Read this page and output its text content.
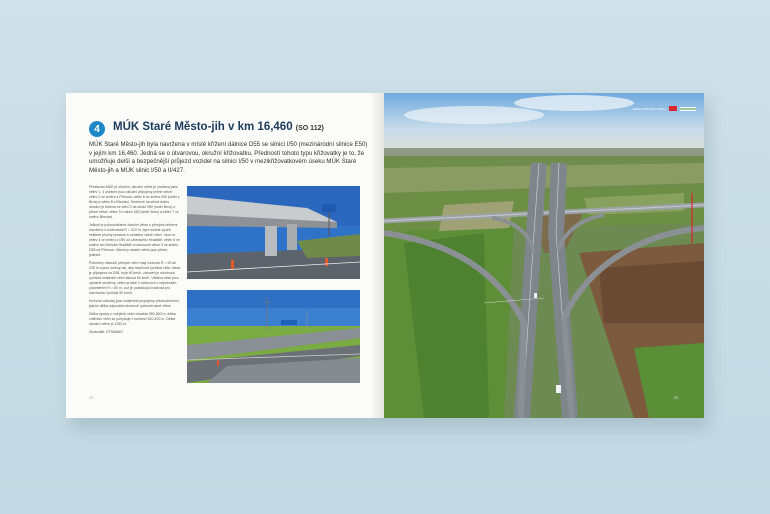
4	MÚK Staré Město-jih v km 16,460 (SO 112)
MÚK Staré Město-jih byla navržena v místě křížení dálnice D55 se silnicí I/50 (mezinárodní silnice E50) v jejím km 16,460. Jedná se o útvarovou, okružní křižovatku. Předností tohoto typu křižovatky je to, že umožňuje delší a bezpečnější průjezd vozidel na silnici I/50 v mezikřižovatkovém úseku MÚK Staré Město-jih a MÚK silnic I/50 a II/427.

Přestavba MÚK je okružní, okružní větve je značena jako větev 1, 4 úsekem jsou okružní připojeny přímé větve: větev 2 ve směru z Přerova, větev 6 ve směru I/50 (směr z Brna) a větev 8 z Břeclavi. Směrově na silnici dráhu okružní je řešena ve větvi 3 na silnicí I/50 (směr Brno) z přímé větve: větev 3 v silnici I/50 (směr Brno) a větev 7 ve směru Břeclavi.

Jelikož je polorozdělené okružní větve s přímými větvemi navrženo s hodnotami R = 319 m, bylo možné využít veškeré plochy prostoru k umístění všech větví. Jsou to: větev 4 ve směru z I/50 od Uherského Hradiště, větev 5 ve směru na Uherské Hradiště a bonusové větve 9 ve směru D55 od Přerova. Všechny ostatní větve jsou přímé, jedinné.

Poloměry oblouků přímých větví mají hodnotu R = 90 až 225 m a jsou rozeny tak, aby návrhová rychlost větví, která je připojena na D55, byla 60 km/h, zároveň je návrhová rychlost ostatních větví taková 60 km/h. Většina větví jsou výrazně utvářeny, větev je také v obloucích s nejmenším poloměrem R = 80 m, což je postačující hodnota pro návrhovou rychlost 50 km/h.

Kruhové oblouky jsou vzájemně propojeny přechodnicemi, jejichž délka odpovídá návrhové rychlosti dané větve.

Délka úpravy u vnějších větví dosáhla 250-360 m, délka vnitřních větví se pohybuje v rozmezí 320-400 m. Délka okružní větve je 1252 m.

Zhotovitel: STRABAG

22
Dálnice D55 Staré Město
23
